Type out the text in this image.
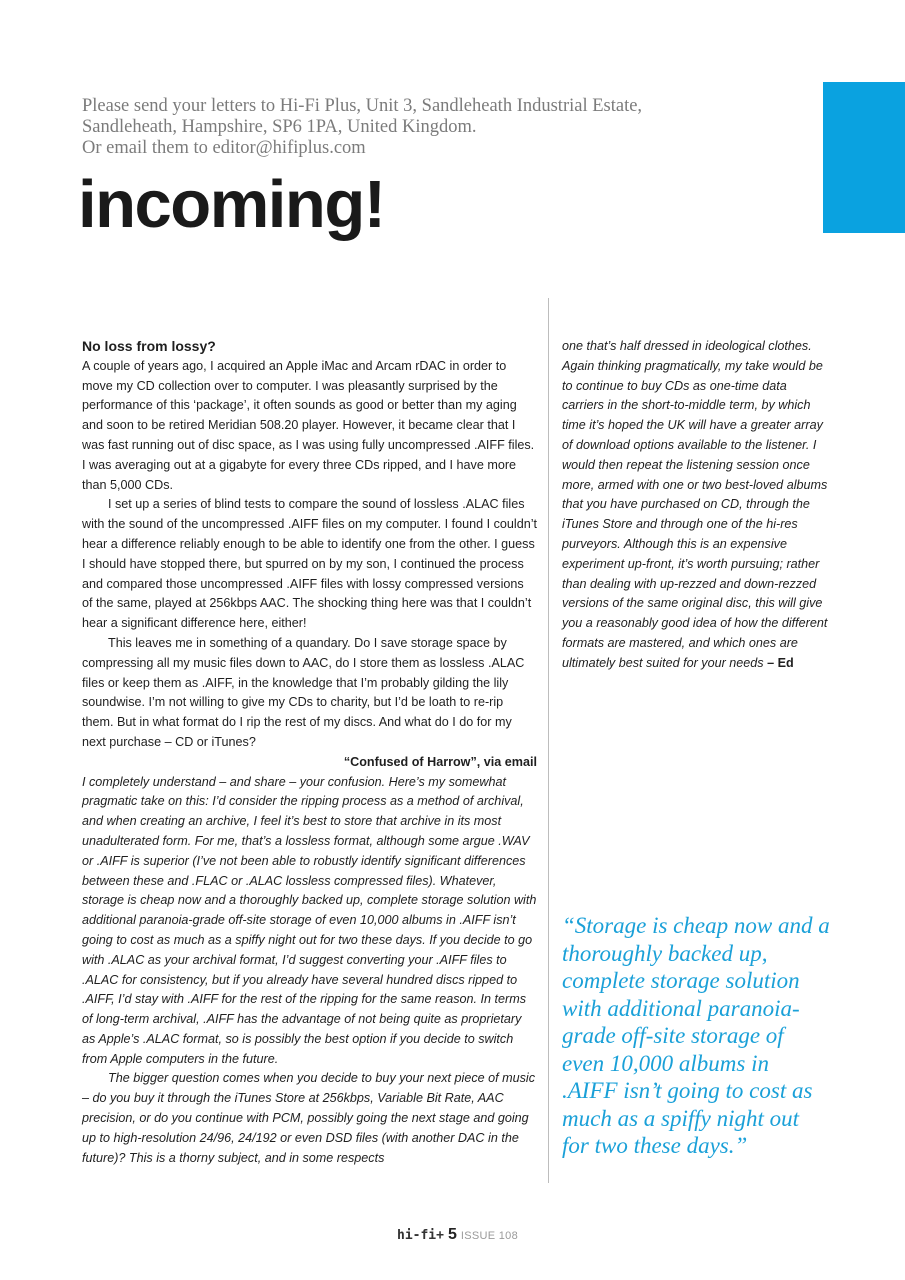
Please send your letters to Hi-Fi Plus, Unit 3, Sandleheath Industrial Estate,
Sandleheath, Hampshire, SP6 1PA, United Kingdom.
Or email them to editor@hifiplus.com
incoming!

No loss from lossy?

A couple of years ago, I acquired an Apple iMac and Arcam rDAC in order to move my CD collection over to computer. I was pleasantly surprised by the performance of this ‘package’, it often sounds as good or better than my aging and soon to be retired Meridian 508.20 player. However, it became clear that I was fast running out of disc space, as I was using fully uncompressed .AIFF files. I was averaging out at a gigabyte for every three CDs ripped, and I have more than 5,000 CDs.

I set up a series of blind tests to compare the sound of lossless .ALAC files with the sound of the uncompressed .AIFF files on my computer. I found I couldn’t hear a difference reliably enough to be able to identify one from the other. I guess I should have stopped there, but spurred on by my son, I continued the process and compared those uncompressed .AIFF files with lossy compressed versions of the same, played at 256kbps AAC. The shocking thing here was that I couldn’t hear a significant difference here, either!

This leaves me in something of a quandary. Do I save storage space by compressing all my music files down to AAC, do I store them as lossless .ALAC files or keep them as .AIFF, in the knowledge that I’m probably gilding the lily soundwise. I’m not willing to give my CDs to charity, but I’d be loath to re-rip them. But in what format do I rip the rest of my discs. And what do I do for my next purchase – CD or iTunes?

“Confused of Harrow”, via email

I completely understand – and share – your confusion. Here’s my somewhat pragmatic take on this: I’d consider the ripping process as a method of archival, and when creating an archive, I feel it’s best to store that archive in its most unadulterated form. For me, that’s a lossless format, although some argue .WAV or .AIFF is superior (I’ve not been able to robustly identify significant differences between these and .FLAC or .ALAC lossless compressed files). Whatever, storage is cheap now and a thoroughly backed up, complete storage solution with additional paranoia-grade off-site storage of even 10,000 albums in .AIFF isn’t going to cost as much as a spiffy night out for two these days. If you decide to go with .ALAC as your archival format, I’d suggest converting your .AIFF files to .ALAC for consistency, but if you already have several hundred discs ripped to .AIFF, I’d stay with .AIFF for the rest of the ripping for the same reason. In terms of long-term archival, .AIFF has the advantage of not being quite as proprietary as Apple’s .ALAC format, so is possibly the best option if you decide to switch from Apple computers in the future.

The bigger question comes when you decide to buy your next piece of music – do you buy it through the iTunes Store at 256kbps, Variable Bit Rate, AAC precision, or do you continue with PCM, possibly going the next stage and going up to high-resolution 24/96, 24/192 or even DSD files (with another DAC in the future)? This is a thorny subject, and in some respects

one that’s half dressed in ideological clothes. Again thinking pragmatically, my take would be to continue to buy CDs as one-time data carriers in the short-to-middle term, by which time it’s hoped the UK will have a greater array of download options available to the listener. I would then repeat the listening session once more, armed with one or two best-loved albums that you have purchased on CD, through the iTunes Store and through one of the hi-res purveyors. Although this is an expensive experiment up-front, it’s worth pursuing; rather than dealing with up-rezzed and down-rezzed versions of the same original disc, this will give you a reasonably good idea of how the different formats are mastered, and which ones are ultimately best suited for your needs – Ed
“Storage is cheap now and a thoroughly backed up, complete storage solution with additional paranoia-grade off-site storage of even 10,000 albums in .AIFF isn’t going to cost as much as a spiffy night out for two these days.”
hi-fi+ 5 ISSUE 108
